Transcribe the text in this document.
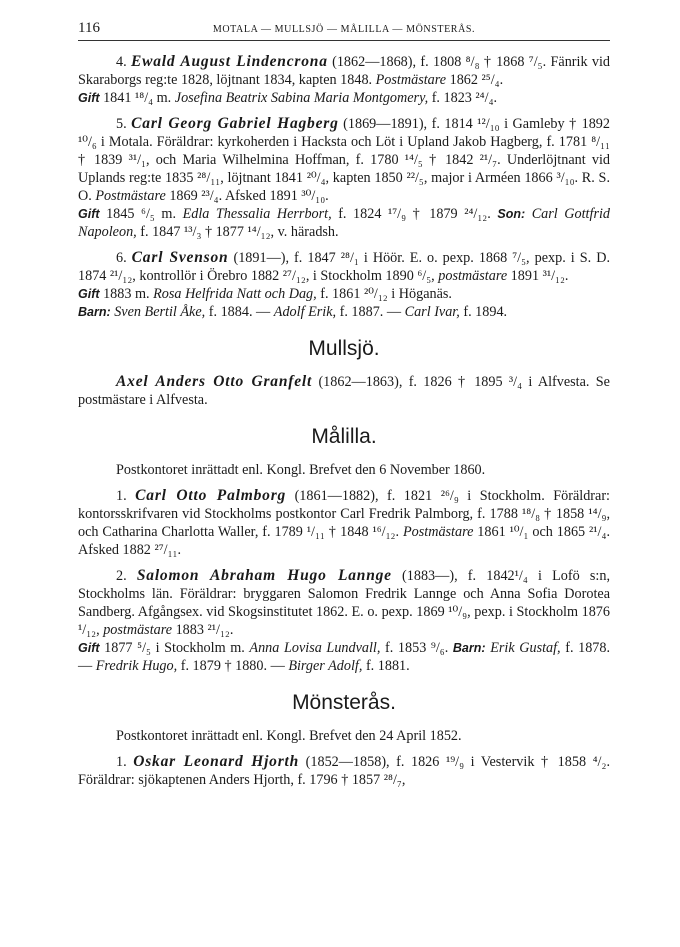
116	MOTALA — MULLSJÖ — MÅLILLA — MÖNSTERÅS.

4. Ewald August Lindencrona (1862—1868), f. 1808 ⁸/₈ † 1868 ⁷/₅. Fänrik vid Skaraborgs reg:te 1828, löjtnant 1834, kapten 1848. Postmästare 1862 ²⁵/₄.

Gift 1841 ¹⁸/₄ m. Josefina Beatrix Sabina Maria Montgomery, f. 1823 ²⁴/₄.

5. Carl Georg Gabriel Hagberg (1869—1891), f. 1814 ¹²/₁₀ i Gamleby † 1892 ¹⁰/₆ i Motala. Föräldrar: kyrkoherden i Hacksta och Löt i Upland Jakob Hagberg, f. 1781 ⁸/₁₁ † 1839 ³¹/₁, och Maria Wilhelmina Hoffman, f. 1780 ¹⁴/₅ † 1842 ²¹/₇. Underlöjtnant vid Uplands reg:te 1835 ²⁸/₁₁, löjtnant 1841 ²⁰/₄, kapten 1850 ²²/₅, major i Arméen 1866 ³/₁₀. R. S. O. Postmästare 1869 ²³/₄. Afsked 1891 ³⁰/₁₀.

Gift 1845 ⁶/₅ m. Edla Thessalia Herrbort, f. 1824 ¹⁷/₉ † 1879 ²⁴/₁₂. Son: Carl Gottfrid Napoleon, f. 1847 ¹³/₃ † 1877 ¹⁴/₁₂, v. häradsh.

6. Carl Svenson (1891—), f. 1847 ²⁸/₁ i Höör. E. o. pexp. 1868 ⁷/₅, pexp. i S. D. 1874 ²¹/₁₂, kontrollör i Örebro 1882 ²⁷/₁₂, i Stockholm 1890 ⁶/₅, postmästare 1891 ³¹/₁₂.

Gift 1883 m. Rosa Helfrida Natt och Dag, f. 1861 ²⁰/₁₂ i Höganäs.

Barn: Sven Bertil Åke, f. 1884. — Adolf Erik, f. 1887. — Carl Ivar, f. 1894.

Mullsjö.

Axel Anders Otto Granfelt (1862—1863), f. 1826 † 1895 ³/₄ i Alfvesta. Se postmästare i Alfvesta.

Målilla.

Postkontoret inrättadt enl. Kongl. Brefvet den 6 November 1860.

1. Carl Otto Palmborg (1861—1882), f. 1821 ²⁶/₉ i Stockholm. Föräldrar: kontorsskrifvaren vid Stockholms postkontor Carl Fredrik Palmborg, f. 1788 ¹⁸/₈ † 1858 ¹⁴/₉, och Catharina Charlotta Waller, f. 1789 ¹/₁₁ † 1848 ¹⁶/₁₂. Postmästare 1861 ¹⁰/₁ och 1865 ²¹/₄. Afsked 1882 ²⁷/₁₁.

2. Salomon Abraham Hugo Lannge (1883—), f. 1842¹/₄ i Lofö s:n, Stockholms län. Föräldrar: bryggaren Salomon Fredrik Lannge och Anna Sofia Dorotea Sandberg. Afgångsex. vid Skogsinstitutet 1862. E. o. pexp. 1869 ¹⁰/₉, pexp. i Stockholm 1876 ¹/₁₂, postmästare 1883 ²¹/₁₂.

Gift 1877 ⁵/₅ i Stockholm m. Anna Lovisa Lundvall, f. 1853 ⁹/₆. Barn: Erik Gustaf, f. 1878. — Fredrik Hugo, f. 1879 † 1880. — Birger Adolf, f. 1881.

Mönsterås.

Postkontoret inrättadt enl. Kongl. Brefvet den 24 April 1852.

1. Oskar Leonard Hjorth (1852—1858), f. 1826 ¹⁹/₉ i Vestervik † 1858 ⁴/₂. Föräldrar: sjökaptenen Anders Hjorth, f. 1796 † 1857 ²⁸/₇,
